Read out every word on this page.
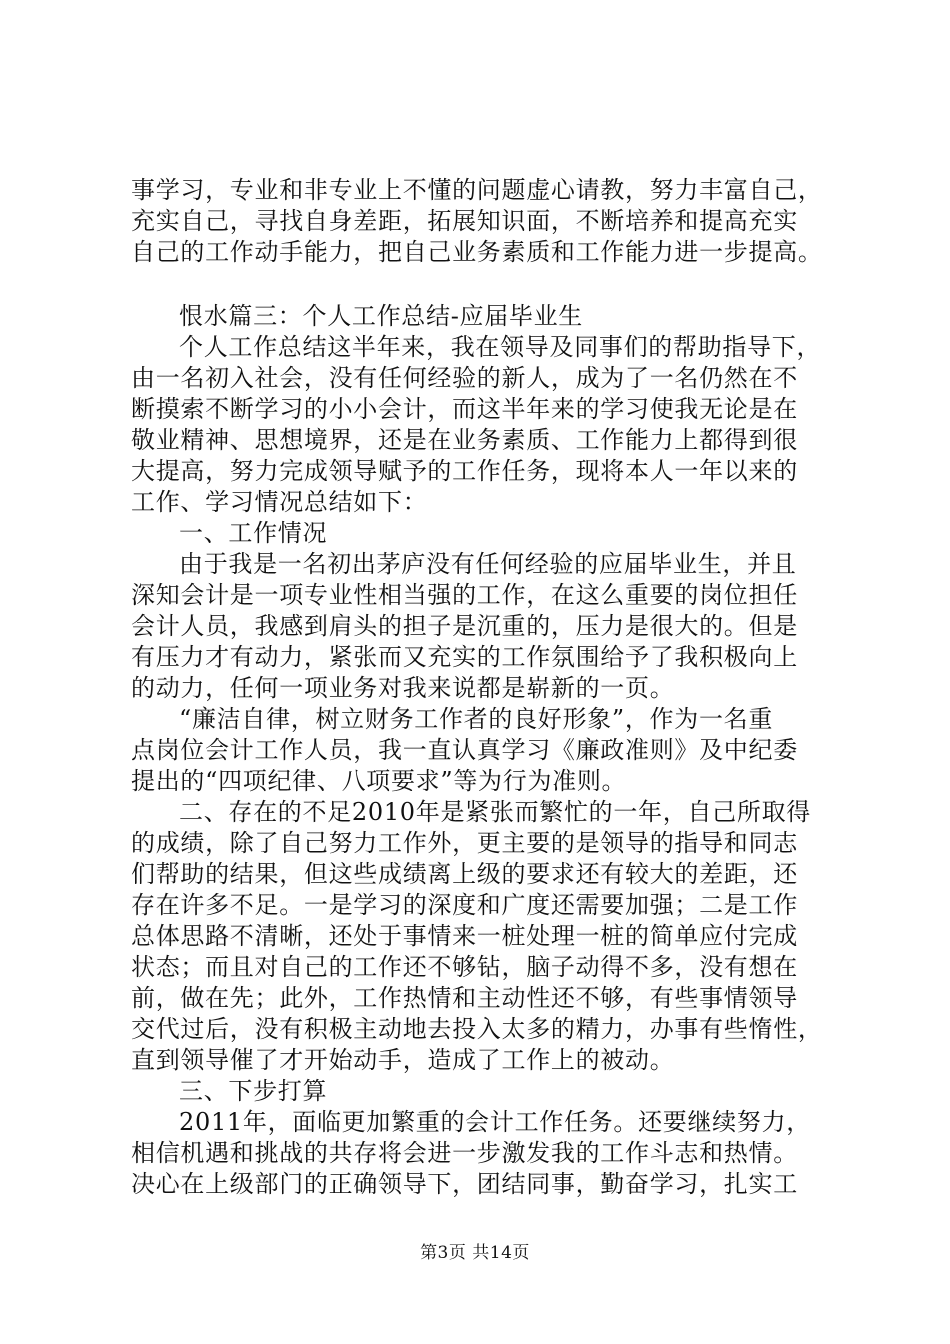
事学习，专业和非专业上不懂的问题虚心请教，努力丰富自己，
充实自己，寻找自身差距，拓展知识面，不断培养和提高充实
自己的工作动手能力，把自己业务素质和工作能力进一步提高。
恨水篇三：个人工作总结-应届毕业生
个人工作总结这半年来，我在领导及同事们的帮助指导下，
由一名初入社会，没有任何经验的新人，成为了一名仍然在不
断摸索不断学习的小小会计，而这半年来的学习使我无论是在
敬业精神、思想境界，还是在业务素质、工作能力上都得到很
大提高，努力完成领导赋予的工作任务，现将本人一年以来的
工作、学习情况总结如下：
一、工作情况
由于我是一名初出茅庐没有任何经验的应届毕业生，并且
深知会计是一项专业性相当强的工作，在这么重要的岗位担任
会计人员，我感到肩头的担子是沉重的，压力是很大的。但是
有压力才有动力，紧张而又充实的工作氛围给予了我积极向上
的动力，任何一项业务对我来说都是崭新的一页。
“廉洁自律，树立财务工作者的良好形象”，作为一名重
点岗位会计工作人员，我一直认真学习《廉政准则》及中纪委
提出的“四项纪律、八项要求”等为行为准则。
二、存在的不足2010年是紧张而繁忙的一年，自己所取得
的成绩，除了自己努力工作外，更主要的是领导的指导和同志
们帮助的结果，但这些成绩离上级的要求还有较大的差距，还
存在许多不足。一是学习的深度和广度还需要加强；二是工作
总体思路不清晰，还处于事情来一桩处理一桩的简单应付完成
状态；而且对自己的工作还不够钻，脑子动得不多，没有想在
前，做在先；此外，工作热情和主动性还不够，有些事情领导
交代过后，没有积极主动地去投入太多的精力，办事有些惰性，
直到领导催了才开始动手，造成了工作上的被动。
三、下步打算
2011年，面临更加繁重的会计工作任务。还要继续努力，
相信机遇和挑战的共存将会进一步激发我的工作斗志和热情。
决心在上级部门的正确领导下，团结同事，勤奋学习，扎实工
第3页 共14页
